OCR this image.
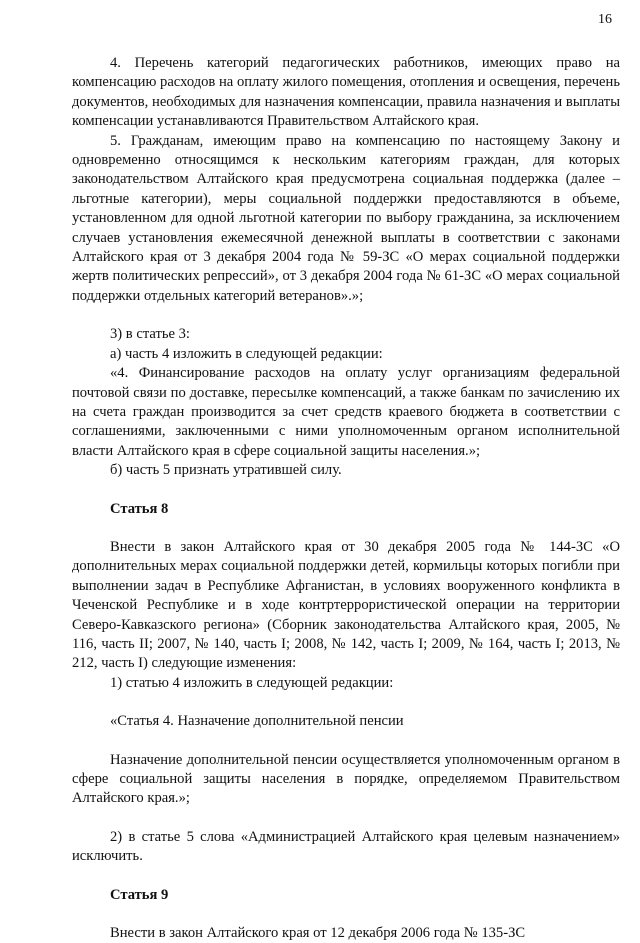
16

4. Перечень категорий педагогических работников, имеющих право на компенсацию расходов на оплату жилого помещения, отопления и освещения, перечень документов, необходимых для назначения компенсации, правила назначения и выплаты компенсации устанавливаются Правительством Алтайского края.

5. Гражданам, имеющим право на компенсацию по настоящему Закону и одновременно относящимся к нескольким категориям граждан, для которых законодательством Алтайского края предусмотрена социальная поддержка (далее – льготные категории), меры социальной поддержки предоставляются в объеме, установленном для одной льготной категории по выбору гражданина, за исключением случаев установления ежемесячной денежной выплаты в соответствии с законами Алтайского края от 3 декабря 2004 года № 59-ЗС «О мерах социальной поддержки жертв политических репрессий», от 3 декабря 2004 года № 61-ЗС «О мерах социальной поддержки отдельных категорий ветеранов».»;

3) в статье 3:

а) часть 4 изложить в следующей редакции:

«4. Финансирование расходов на оплату услуг организациям федеральной почтовой связи по доставке, пересылке компенсаций, а также банкам по зачислению их на счета граждан производится за счет средств краевого бюджета в соответствии с соглашениями, заключенными с ними уполномоченным органом исполнительной власти Алтайского края в сфере социальной защиты населения.»;

б) часть 5 признать утратившей силу.

Статья 8

Внести в закон Алтайского края от 30 декабря 2005 года № 144-ЗС «О дополнительных мерах социальной поддержки детей, кормильцы которых погибли при выполнении задач в Республике Афганистан, в условиях вооруженного конфликта в Чеченской Республике и в ходе контртеррористической операции на территории Северо-Кавказского региона» (Сборник законодательства Алтайского края, 2005, № 116, часть II; 2007, № 140, часть I; 2008, № 142, часть I; 2009, № 164, часть I; 2013, № 212, часть I) следующие изменения:

1) статью 4 изложить в следующей редакции:

«Статья 4. Назначение дополнительной пенсии

Назначение дополнительной пенсии осуществляется уполномоченным органом в сфере социальной защиты населения в порядке, определяемом Правительством Алтайского края.»;

2) в статье 5 слова «Администрацией Алтайского края целевым назначением» исключить.

Статья 9

Внести в закон Алтайского края от 12 декабря 2006 года № 135-ЗС
